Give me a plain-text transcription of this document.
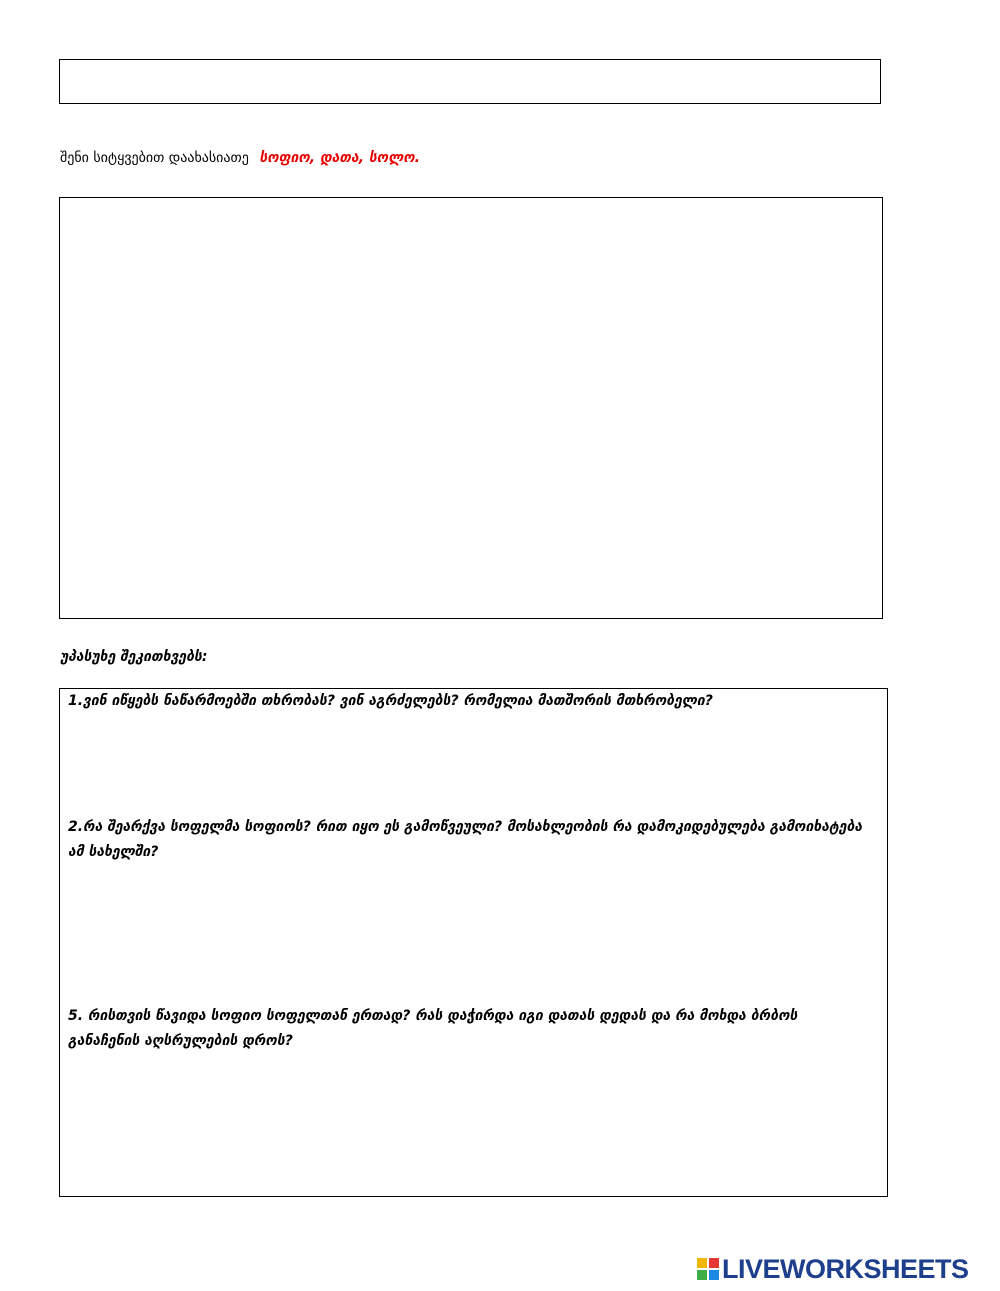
შენი სიტყვებით დაახასიათე სოფიო, დათა, სოლო.
უპასუხე შეკითხვებს:
1.ვინ იწყებს ნაწარმოებში თხრობას? ვინ აგრძელებს? რომელია მათშორის მთხრობელი?
2.რა შეარქვა სოფელმა სოფიოს? რით იყო ეს გამოწვეული? მოსახლეობის რა დამოკიდებულება გამოიხატება ამ სახელში?
5. რისთვის წავიდა სოფიო სოფელთან ერთად? რას დაჭირდა იგი დათას დედას და რა მოხდა ბრბოს განაჩენის აღსრულების დროს?
LIVEWORKSHEETS
